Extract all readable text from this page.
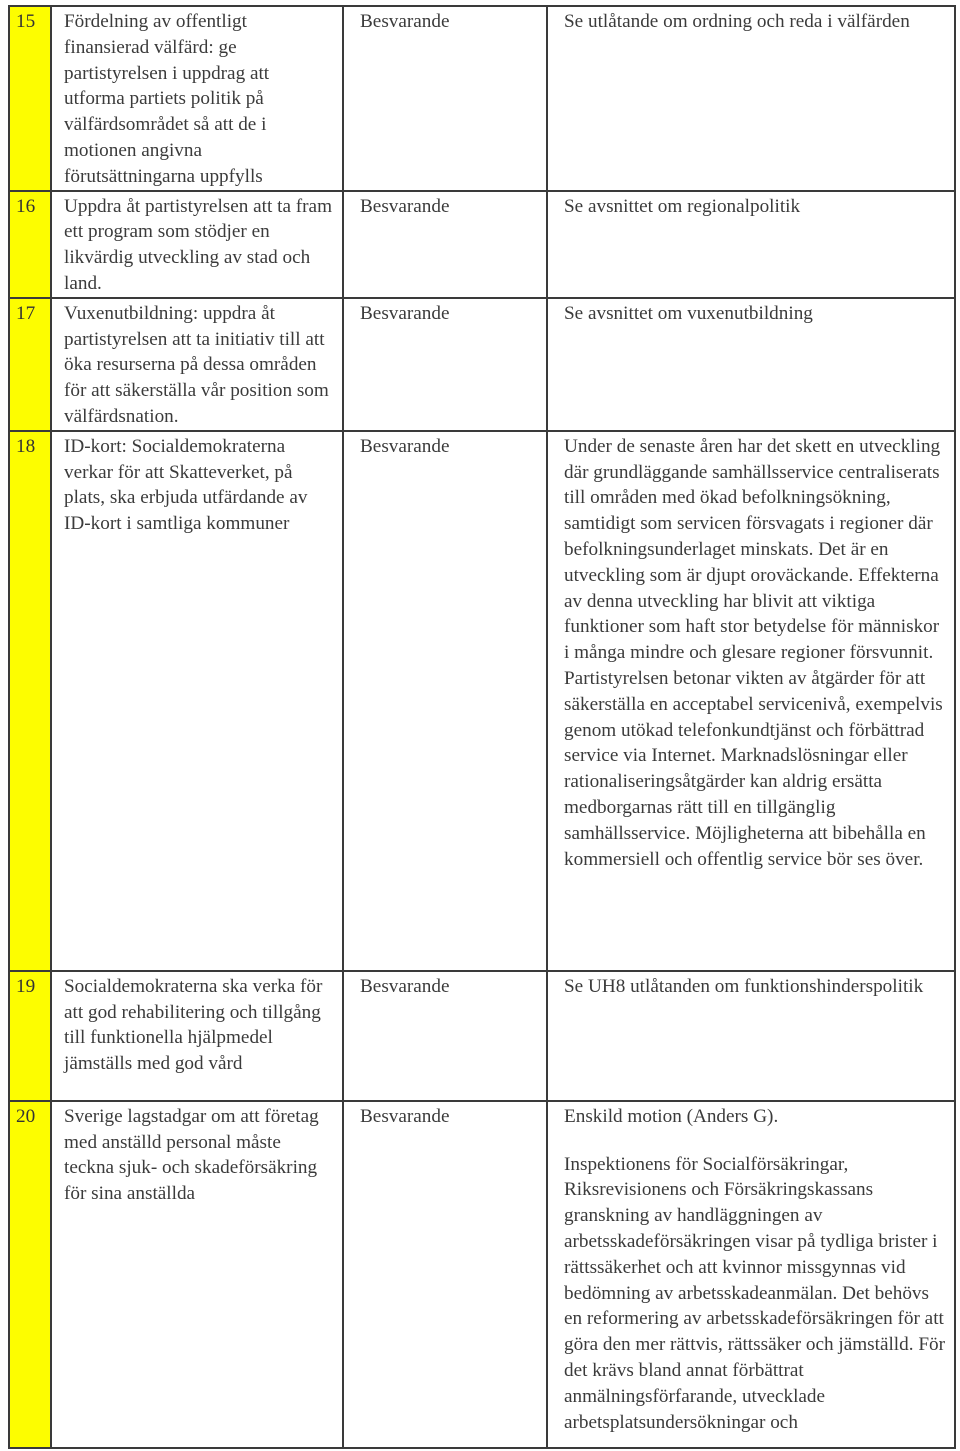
15	Fördelning av offentligt finansierad välfärd: ge partistyrelsen i uppdrag att utforma partiets politik på välfärdsområdet så att de i motionen angivna förutsättningarna uppfylls	Besvarande	Se utlåtande om ordning och reda i välfärden

16	Uppdra åt partistyrelsen att ta fram ett program som stödjer en likvärdig utveckling av stad och land.	Besvarande	Se avsnittet om regionalpolitik

17	Vuxenutbildning: uppdra åt partistyrelsen att ta initiativ till att öka resurserna på dessa områden för att säkerställa vår position som välfärdsnation.	Besvarande	Se avsnittet om vuxenutbildning

18	ID-kort: Socialdemokraterna verkar för att Skatteverket, på plats, ska erbjuda utfärdande av ID-kort i samtliga kommuner	Besvarande	Under de senaste åren har det skett en utveckling där grundläggande samhällsservice centraliserats till områden med ökad befolkningsökning, samtidigt som servicen försvagats i regioner där befolkningsunderlaget minskats. Det är en utveckling som är djupt oroväckande. Effekterna av denna utveckling har blivit att viktiga funktioner som haft stor betydelse för människor i många mindre och glesare regioner försvunnit. Partistyrelsen betonar vikten av åtgärder för att säkerställa en acceptabel servicenivå, exempelvis genom utökad telefonkundtjänst och förbättrad service via Internet. Marknadslösningar eller rationaliseringsåtgärder kan aldrig ersätta medborgarnas rätt till en tillgänglig samhällsservice. Möjligheterna att bibehålla en kommersiell och offentlig service bör ses över.

19	Socialdemokraterna ska verka för att god rehabilitering och tillgång till funktionella hjälpmedel jämställs med god vård	Besvarande	Se UH8 utlåtanden om funktionshinderspolitik

20	Sverige lagstadgar om att företag med anställd personal måste teckna sjuk- och skadeförsäkring för sina anställda	Besvarande	Enskild motion (Anders G).
Inspektionens för Socialförsäkringar, Riksrevisionens och Försäkringskassans granskning av handläggningen av arbetsskadeförsäkringen visar på tydliga brister i rättssäkerhet och att kvinnor missgynnas vid bedömning av arbetsskadeanmälan. Det behövs en reformering av arbetsskadeförsäkringen för att göra den mer rättvis, rättssäker och jämställd. För det krävs bland annat förbättrat anmälningsförfarande, utvecklade arbetsplatsundersökningar och
